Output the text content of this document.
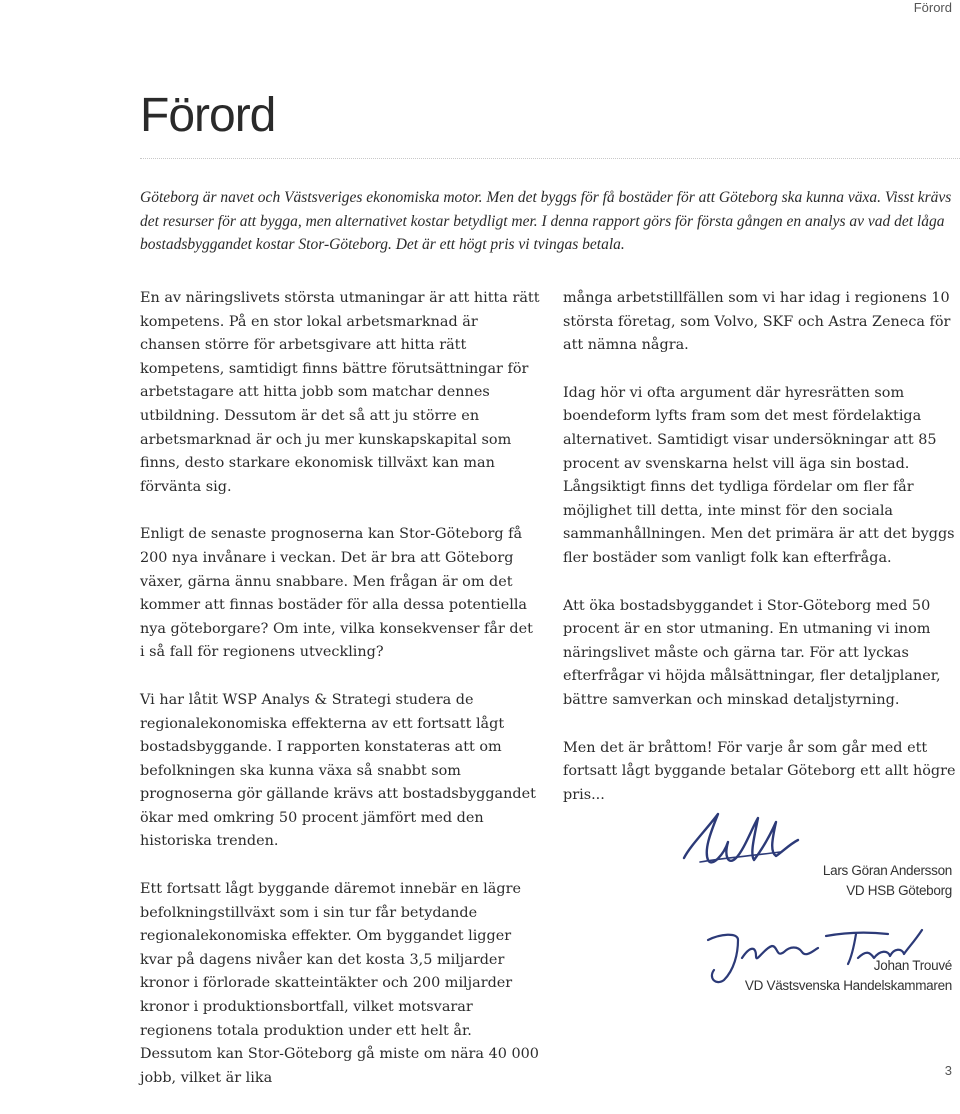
Förord
Förord

Göteborg är navet och Västsveriges ekonomiska motor. Men det byggs för få bostäder för att Göteborg ska kunna växa. Visst krävs det resurser för att bygga, men alternativet kostar betydligt mer. I denna rapport görs för första gången en analys av vad det låga bostadsbyggandet kostar Stor-Göteborg. Det är ett högt pris vi tvingas betala.

En av näringslivets största utmaningar är att hitta rätt kompetens. På en stor lokal arbetsmarknad är chansen större för arbetsgivare att hitta rätt kompetens, samtidigt finns bättre förutsättningar för arbetstagare att hitta jobb som matchar dennes utbildning. Dessutom är det så att ju större en arbetsmarknad är och ju mer kunskapskapital som finns, desto starkare ekonomisk tillväxt kan man förvänta sig.

Enligt de senaste prognoserna kan Stor-Göteborg få 200 nya invånare i veckan. Det är bra att Göteborg växer, gärna ännu snabbare. Men frågan är om det kommer att finnas bostäder för alla dessa potentiella nya göteborgare? Om inte, vilka konsekvenser får det i så fall för regionens utveckling?

Vi har låtit WSP Analys & Strategi studera de regionalekonomiska effekterna av ett fortsatt lågt bostadsbyggande. I rapporten konstateras att om befolkningen ska kunna växa så snabbt som prognoserna gör gällande krävs att bostadsbyggandet ökar med omkring 50 procent jämfört med den historiska trenden.

Ett fortsatt lågt byggande däremot innebär en lägre befolkningstillväxt som i sin tur får betydande regionalekonomiska effekter. Om byggandet ligger kvar på dagens nivåer kan det kosta 3,5 miljarder kronor i förlorade skatteintäkter och 200 miljarder kronor i produktionsbortfall, vilket motsvarar regionens totala produktion under ett helt år. Dessutom kan Stor-Göteborg gå miste om nära 40 000 jobb, vilket är lika

många arbetstillfällen som vi har idag i regionens 10 största företag, som Volvo, SKF och Astra Zeneca för att nämna några.

Idag hör vi ofta argument där hyresrätten som boendeform lyfts fram som det mest fördelaktiga alternativet. Samtidigt visar undersökningar att 85 procent av svenskarna helst vill äga sin bostad. Långsiktigt finns det tydliga fördelar om fler får möjlighet till detta, inte minst för den sociala sammanhållningen. Men det primära är att det byggs fler bostäder som vanligt folk kan efterfråga.

Att öka bostadsbyggandet i Stor-Göteborg med 50 procent är en stor utmaning. En utmaning vi inom näringslivet måste och gärna tar. För att lyckas efterfrågar vi höjda målsättningar, fler detaljplaner, bättre samverkan och minskad detaljstyrning.

Men det är bråttom! För varje år som går med ett fortsatt lågt byggande betalar Göteborg ett allt högre pris...

Lars Göran Andersson
VD HSB Göteborg
Johan Trouvé
VD Västsvenska Handelskammaren
3
